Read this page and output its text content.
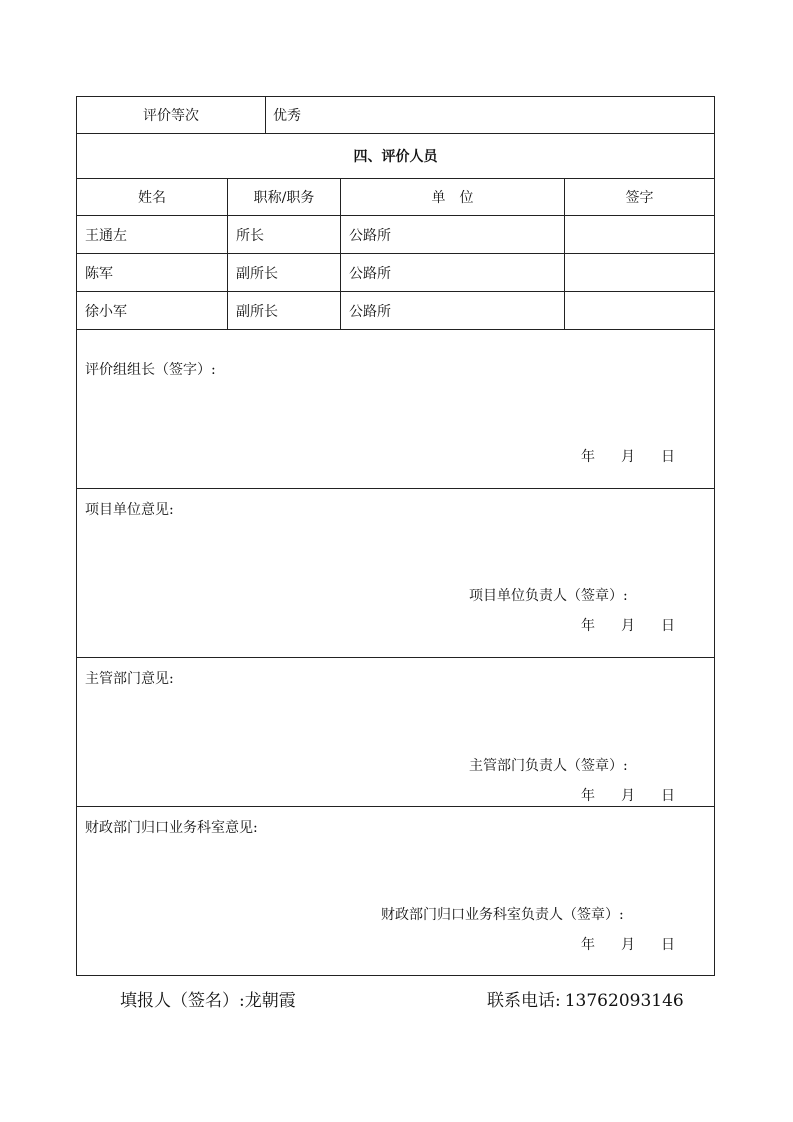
评价等次	优秀
四、评价人员
姓名	职称/职务	单　位	签字
王通左	所长	公路所
陈军	副所长	公路所
徐小军	副所长	公路所
评价组组长（签字）:
年 月 日
项目单位意见:
项目单位负责人（签章）:
年 月 日
主管部门意见:
主管部门负责人（签章）:
年 月 日
财政部门归口业务科室意见:
财政部门归口业务科室负责人（签章）:
年 月 日
填报人（签名）:龙朝霞	联系电话: 13762093146
